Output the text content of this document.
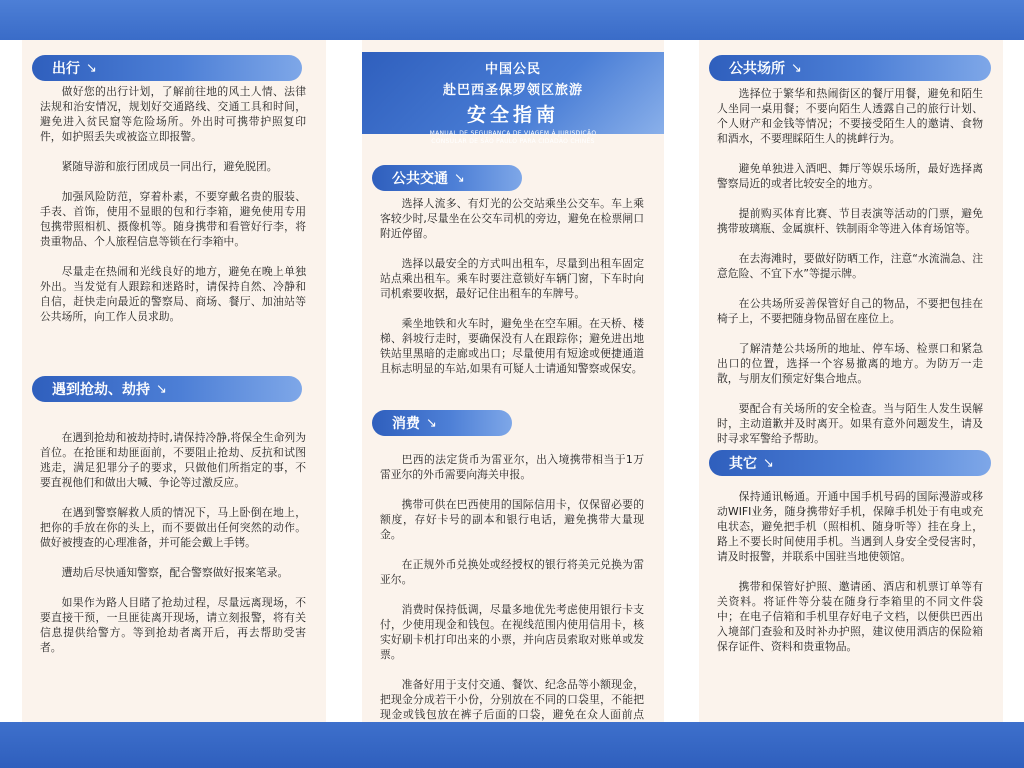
出行 ↘

做好您的出行计划，了解前往地的风土人情、法律法规和治安情况，规划好交通路线、交通工具和时间，避免进入贫民窟等危险场所。外出时可携带护照复印件，如护照丢失或被盗立即报警。

紧随导游和旅行团成员一同出行，避免脱团。

加强风险防范，穿着朴素，不要穿戴名贵的服装、手表、首饰，使用不显眼的包和行李箱，避免使用专用包携带照相机、摄像机等。随身携带和看管好行李，将贵重物品、个人旅程信息等锁在行李箱中。

尽量走在热闹和光线良好的地方，避免在晚上单独外出。当发觉有人跟踪和迷路时，请保持自然、冷静和自信，赶快走向最近的警察局、商场、餐厅、加油站等公共场所，向工作人员求助。

遇到抢劫、劫持 ↘

在遇到抢劫和被劫持时,请保持冷静,将保全生命列为首位。在抢匪和劫匪面前，不要阻止抢劫、反抗和试图逃走，满足犯罪分子的要求，只做他们所指定的事，不要直视他们和做出大喊、争论等过激反应。

在遇到警察解救人质的情况下，马上卧倒在地上，把你的手放在你的头上，而不要做出任何突然的动作。做好被搜查的心理准备，并可能会戴上手铐。

遭劫后尽快通知警察，配合警察做好报案笔录。

如果作为路人目睹了抢劫过程，尽量远离现场，不要直接干预，一旦匪徒离开现场，请立刻报警，将有关信息提供给警方。等到抢劫者离开后，再去帮助受害者。

中国公民
赴巴西圣保罗领区旅游
安全指南
MANUAL DE SEGURANÇA DE VIAGEM À JURISDIÇÃO
CONSULAR DE SÃO PAULO PARA CIDADÃO CHINÊS
公共交通 ↘

选择人流多、有灯光的公交站乘坐公交车。车上乘客较少时,尽量坐在公交车司机的旁边，避免在检票闸口附近停留。

选择以最安全的方式叫出租车，尽量到出租车固定站点乘出租车。乘车时要注意锁好车辆门窗，下车时向司机索要收据，最好记住出租车的车牌号。

乘坐地铁和火车时，避免坐在空车厢。在天桥、楼梯、斜坡行走时，要确保没有人在跟踪你；避免进出地铁站里黑暗的走廊或出口；尽量使用有短途或便捷通道且标志明显的车站,如果有可疑人士请通知警察或保安。

消费 ↘

巴西的法定货币为雷亚尔，出入境携带相当于1万雷亚尔的外币需要向海关申报。

携带可供在巴西使用的国际信用卡，仅保留必要的额度，存好卡号的副本和银行电话，避免携带大量现金。

在正规外币兑换处或经授权的银行将美元兑换为雷亚尔。

消费时保持低调，尽量多地优先考虑使用银行卡支付，少使用现金和钱包。在视线范围内使用信用卡，核实好刷卡机打印出来的小票，并向店员索取对账单或发票。

准备好用于支付交通、餐饮、纪念品等小额现金，把现金分成若干小份，分别放在不同的口袋里，不能把现金或钱包放在裤子后面的口袋，避免在众人面前点

公共场所 ↘

选择位于繁华和热闹街区的餐厅用餐，避免和陌生人坐同一桌用餐；不要向陌生人透露自己的旅行计划、个人财产和金钱等情况；不要接受陌生人的邀请、食物和酒水，不要理睬陌生人的挑衅行为。

避免单独进入酒吧、舞厅等娱乐场所，最好选择离警察局近的或者比较安全的地方。

提前购买体育比赛、节目表演等活动的门票，避免携带玻璃瓶、金属旗杆、铁制雨伞等进入体育场馆等。

在去海滩时，要做好防晒工作，注意“水流湍急、注意危险、不宜下水”等提示牌。

在公共场所妥善保管好自己的物品，不要把包挂在椅子上，不要把随身物品留在座位上。

了解清楚公共场所的地址、停车场、检票口和紧急出口的位置，选择一个容易撤离的地方。为防万一走散，与朋友们预定好集合地点。

要配合有关场所的安全检查。当与陌生人发生误解时，主动道歉并及时离开。如果有意外问题发生，请及时寻求军警给予帮助。

其它 ↘

保持通讯畅通。开通中国手机号码的国际漫游或移动WIFI业务，随身携带好手机，保障手机处于有电或充电状态，避免把手机（照相机、随身听等）挂在身上，路上不要长时间使用手机。当遇到人身安全受侵害时，请及时报警，并联系中国驻当地使领馆。

携带和保管好护照、邀请函、酒店和机票订单等有关资料。将证件等分装在随身行李箱里的不同文件袋中；在电子信箱和手机里存好电子文档，以便供巴西出入境部门查验和及时补办护照，建议使用酒店的保险箱保存证件、资料和贵重物品。
